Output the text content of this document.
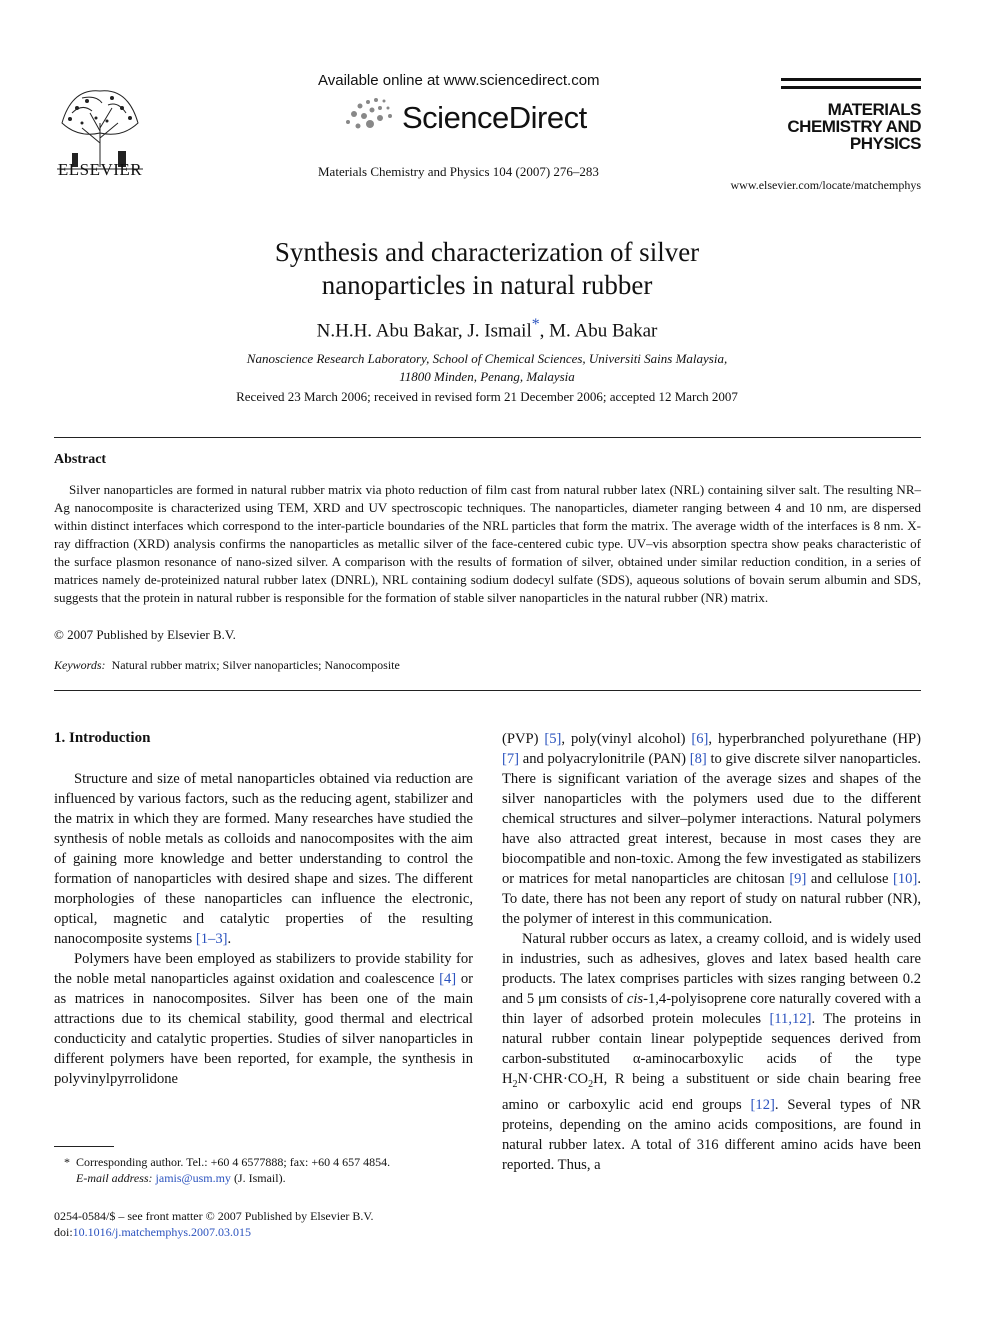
ELSEVIER
Available online at www.sciencedirect.com
ScienceDirect
Materials Chemistry and Physics 104 (2007) 276–283
MATERIALS
CHEMISTRY AND
PHYSICS
www.elsevier.com/locate/matchemphys
Synthesis and characterization of silver
nanoparticles in natural rubber
N.H.H. Abu Bakar, J. Ismail*, M. Abu Bakar
Nanoscience Research Laboratory, School of Chemical Sciences, Universiti Sains Malaysia,
11800 Minden, Penang, Malaysia
Received 23 March 2006; received in revised form 21 December 2006; accepted 12 March 2007
Abstract

Silver nanoparticles are formed in natural rubber matrix via photo reduction of film cast from natural rubber latex (NRL) containing silver salt. The resulting NR–Ag nanocomposite is characterized using TEM, XRD and UV spectroscopic techniques. The nanoparticles, diameter ranging between 4 and 10 nm, are dispersed within distinct interfaces which correspond to the inter-particle boundaries of the NRL particles that form the matrix. The average width of the interfaces is 8 nm. X-ray diffraction (XRD) analysis confirms the nanoparticles as metallic silver of the face-centered cubic type. UV–vis absorption spectra show peaks characteristic of the surface plasmon resonance of nano-sized silver. A comparison with the results of formation of silver, obtained under similar reduction condition, in a series of matrices namely de-proteinized natural rubber latex (DNRL), NRL containing sodium dodecyl sulfate (SDS), aqueous solutions of bovain serum albumin and SDS, suggests that the protein in natural rubber is responsible for the formation of stable silver nanoparticles in the natural rubber (NR) matrix.

© 2007 Published by Elsevier B.V.
Keywords: Natural rubber matrix; Silver nanoparticles; Nanocomposite
1. Introduction

Structure and size of metal nanoparticles obtained via reduction are influenced by various factors, such as the reducing agent, stabilizer and the matrix in which they are formed. Many researches have studied the synthesis of noble metals as colloids and nanocomposites with the aim of gaining more knowledge and better understanding to control the formation of nanoparticles with desired shape and sizes. The different morphologies of these nanoparticles can influence the electronic, optical, magnetic and catalytic properties of the resulting nanocomposite systems [1–3].

Polymers have been employed as stabilizers to provide stability for the noble metal nanoparticles against oxidation and coalescence [4] or as matrices in nanocomposites. Silver has been one of the main attractions due to its chemical stability, good thermal and electrical conducticity and catalytic properties. Studies of silver nanoparticles in different polymers have been reported, for example, the synthesis in polyvinylpyrrolidone

(PVP) [5], poly(vinyl alcohol) [6], hyperbranched polyurethane (HP) [7] and polyacrylonitrile (PAN) [8] to give discrete silver nanoparticles. There is significant variation of the average sizes and shapes of the silver nanoparticles with the polymers used due to the different chemical structures and silver–polymer interactions. Natural polymers have also attracted great interest, because in most cases they are biocompatible and non-toxic. Among the few investigated as stabilizers or matrices for metal nanoparticles are chitosan [9] and cellulose [10]. To date, there has not been any report of study on natural rubber (NR), the polymer of interest in this communication.

Natural rubber occurs as latex, a creamy colloid, and is widely used in industries, such as adhesives, gloves and latex based health care products. The latex comprises particles with sizes ranging between 0.2 and 5 μm consists of cis-1,4-polyisoprene core naturally covered with a thin layer of adsorbed protein molecules [11,12]. The proteins in natural rubber contain linear polypeptide sequences derived from carbon-substituted α-aminocarboxylic acids of the type $H_2N\cdot CHR\cdot CO_2H$, R being a substituent or side chain bearing free amino or carboxylic acid end groups [12]. Several types of NR proteins, depending on the amino acids compositions, are found in natural rubber latex. A total of 316 different amino acids have been reported. Thus, a

* Corresponding author. Tel.: +60 4 6577888; fax: +60 4 657 4854.
E-mail address: jamis@usm.my (J. Ismail).
0254-0584/$ – see front matter © 2007 Published by Elsevier B.V.
doi:10.1016/j.matchemphys.2007.03.015
